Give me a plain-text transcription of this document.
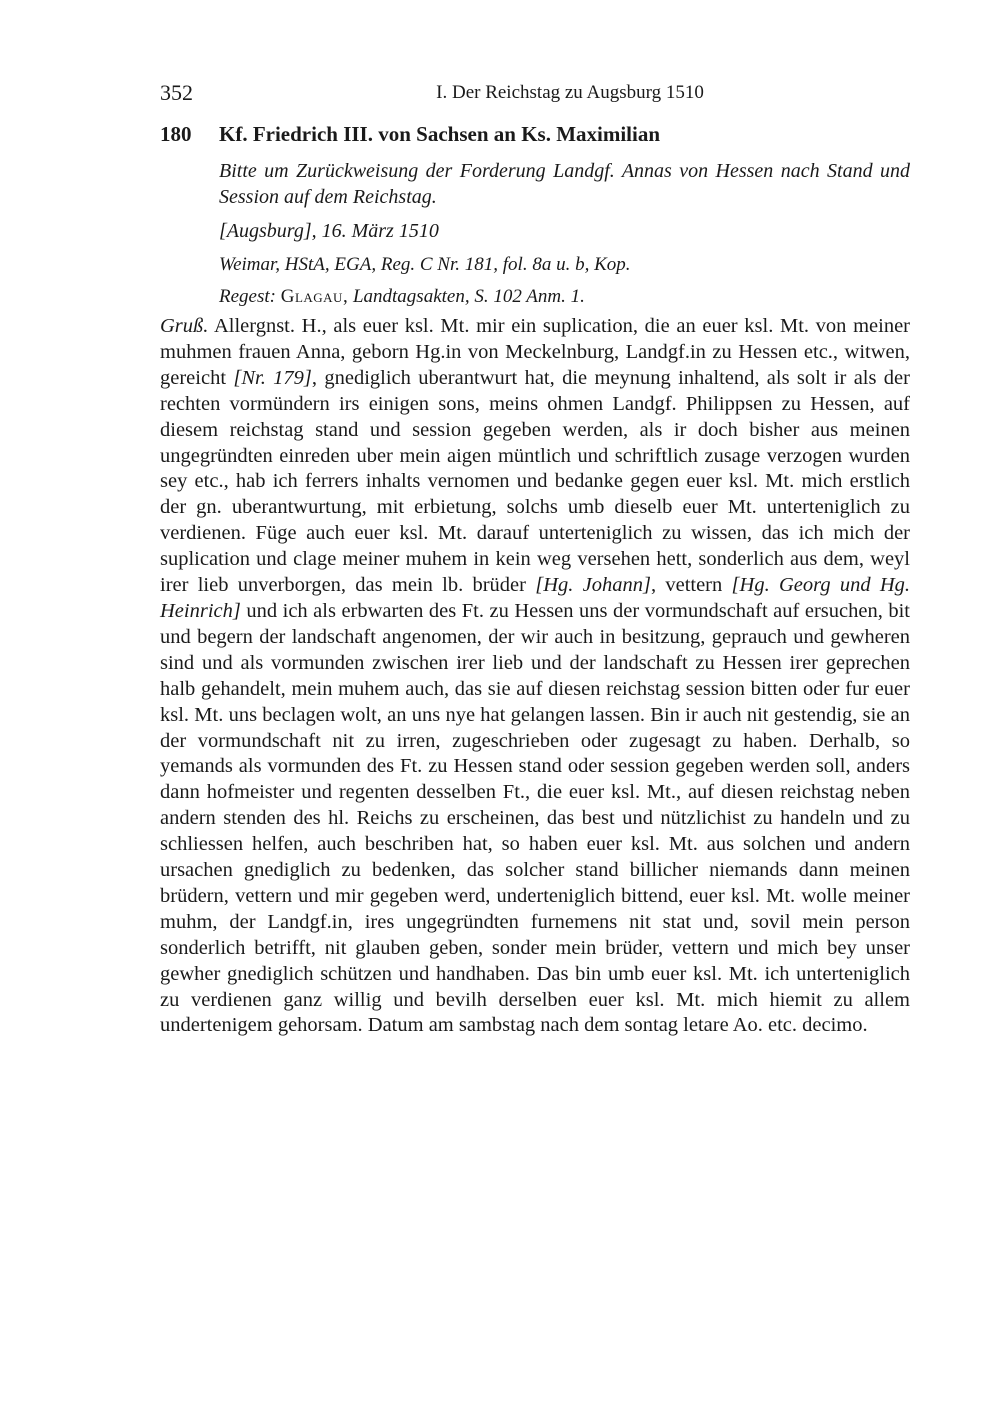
352	I. Der Reichstag zu Augsburg 1510
180 Kf. Friedrich III. von Sachsen an Ks. Maximilian
Bitte um Zurückweisung der Forderung Landgf. Annas von Hessen nach Stand und Session auf dem Reichstag.
[Augsburg], 16. März 1510
Weimar, HStA, EGA, Reg. C Nr. 181, fol. 8a u. b, Kop.
Regest: Glagau, Landtagsakten, S. 102 Anm. 1.

Gruß. Allergnst. H., als euer ksl. Mt. mir ein suplication, die an euer ksl. Mt. von meiner muhmen frauen Anna, geborn Hg.in von Meckelnburg, Landgf.in zu Hessen etc., witwen, gereicht [Nr. 179], gnediglich uberantwurt hat, die meynung inhaltend, als solt ir als der rechten vormündern irs einigen sons, meins ohmen Landgf. Philippsen zu Hessen, auf diesem reichstag stand und session gegeben werden, als ir doch bisher aus meinen ungegründten einreden uber mein aigen müntlich und schriftlich zusage verzogen wurden sey etc., hab ich ferrers inhalts vernomen und bedanke gegen euer ksl. Mt. mich erstlich der gn. uberantwurtung, mit erbietung, solchs umb dieselb euer Mt. unterteniglich zu verdienen. Füge auch euer ksl. Mt. darauf unterteniglich zu wissen, das ich mich der suplication und clage meiner muhem in kein weg versehen hett, sonderlich aus dem, weyl irer lieb unverborgen, das mein lb. brüder [Hg. Johann], vettern [Hg. Georg und Hg. Heinrich] und ich als erbwarten des Ft. zu Hessen uns der vormundschaft auf ersuchen, bit und begern der landschaft angenomen, der wir auch in besitzung, geprauch und gewheren sind und als vormunden zwischen irer lieb und der landschaft zu Hessen irer geprechen halb gehandelt, mein muhem auch, das sie auf diesen reichstag session bitten oder fur euer ksl. Mt. uns beclagen wolt, an uns nye hat gelangen lassen. Bin ir auch nit gestendig, sie an der vormundschaft nit zu irren, zugeschrieben oder zugesagt zu haben. Derhalb, so yemands als vormunden des Ft. zu Hessen stand oder session gegeben werden soll, anders dann hofmeister und regenten desselben Ft., die euer ksl. Mt., auf diesen reichstag neben andern stenden des hl. Reichs zu erscheinen, das best und nützlichist zu handeln und zu schliessen helfen, auch beschriben hat, so haben euer ksl. Mt. aus solchen und andern ursachen gnediglich zu bedenken, das solcher stand billicher niemands dann meinen brüdern, vettern und mir gegeben werd, underteniglich bittend, euer ksl. Mt. wolle meiner muhm, der Landgf.in, ires ungegründten furnemens nit stat und, sovil mein person sonderlich betrifft, nit glauben geben, sonder mein brüder, vettern und mich bey unser gewher gnediglich schützen und handhaben. Das bin umb euer ksl. Mt. ich unterteniglich zu verdienen ganz willig und bevilh derselben euer ksl. Mt. mich hiemit zu allem undertenigem gehorsam. Datum am sambstag nach dem sontag letare Ao. etc. decimo.
